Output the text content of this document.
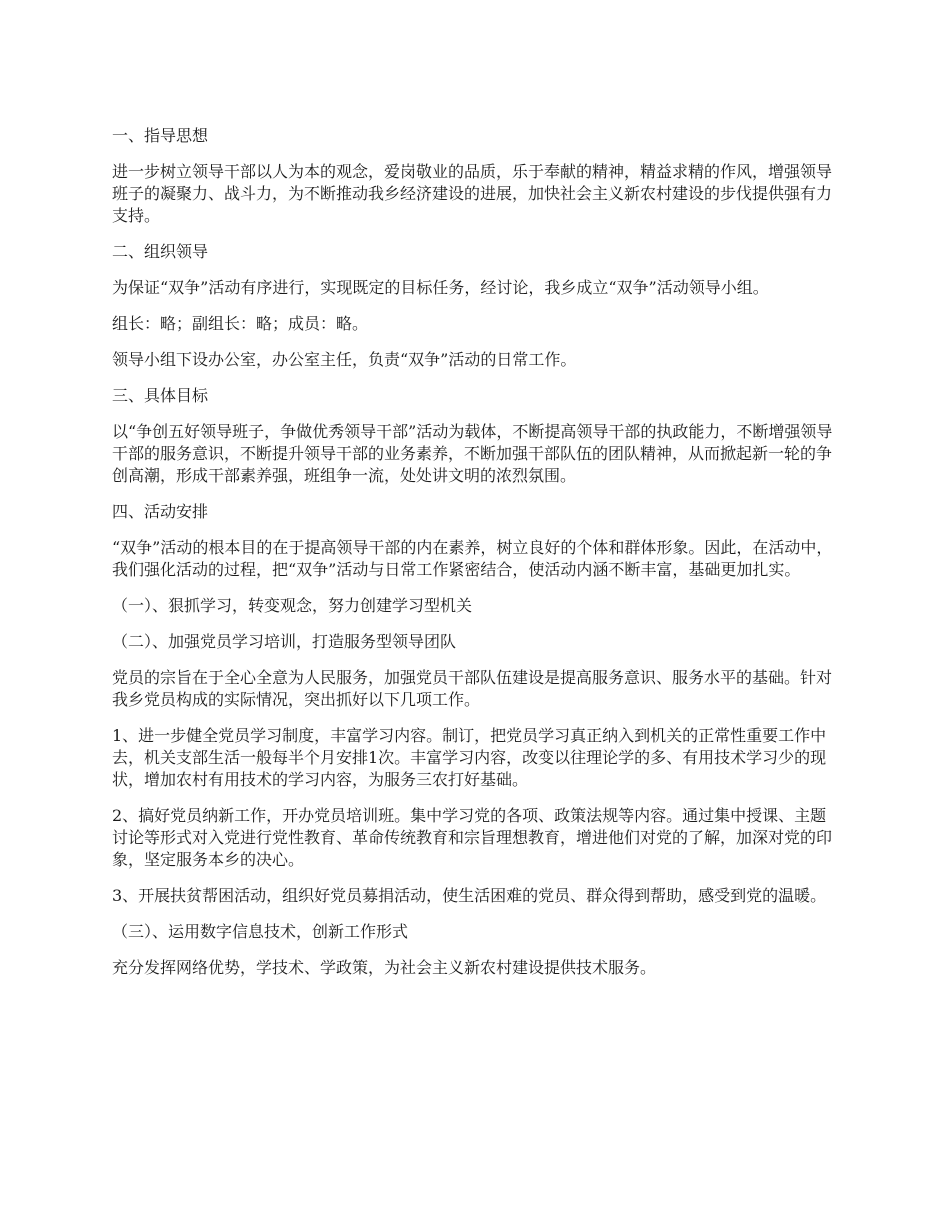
一、指导思想

进一步树立领导干部以人为本的观念，爱岗敬业的品质，乐于奉献的精神，精益求精的作风，增强领导班子的凝聚力、战斗力，为不断推动我乡经济建设的进展，加快社会主义新农村建设的步伐提供强有力支持。

二、组织领导

为保证“双争”活动有序进行，实现既定的目标任务，经讨论，我乡成立“双争”活动领导小组。

组长：略；副组长：略；成员：略。

领导小组下设办公室，办公室主任，负责“双争”活动的日常工作。

三、具体目标

以“争创五好领导班子，争做优秀领导干部”活动为载体，不断提高领导干部的执政能力，不断增强领导干部的服务意识，不断提升领导干部的业务素养，不断加强干部队伍的团队精神，从而掀起新一轮的争创高潮，形成干部素养强，班组争一流，处处讲文明的浓烈氛围。

四、活动安排

“双争”活动的根本目的在于提高领导干部的内在素养，树立良好的个体和群体形象。因此，在活动中，我们强化活动的过程，把“双争”活动与日常工作紧密结合，使活动内涵不断丰富，基础更加扎实。

（一）、狠抓学习，转变观念，努力创建学习型机关

（二）、加强党员学习培训，打造服务型领导团队

党员的宗旨在于全心全意为人民服务，加强党员干部队伍建设是提高服务意识、服务水平的基础。针对我乡党员构成的实际情况，突出抓好以下几项工作。

1、进一步健全党员学习制度，丰富学习内容。制订，把党员学习真正纳入到机关的正常性重要工作中去，机关支部生活一般每半个月安排1次。丰富学习内容，改变以往理论学的多、有用技术学习少的现状，增加农村有用技术的学习内容，为服务三农打好基础。

2、搞好党员纳新工作，开办党员培训班。集中学习党的各项、政策法规等内容。通过集中授课、主题讨论等形式对入党进行党性教育、革命传统教育和宗旨理想教育，增进他们对党的了解，加深对党的印象，坚定服务本乡的决心。

3、开展扶贫帮困活动，组织好党员募捐活动，使生活困难的党员、群众得到帮助，感受到党的温暖。

（三）、运用数字信息技术，创新工作形式

充分发挥网络优势，学技术、学政策，为社会主义新农村建设提供技术服务。
